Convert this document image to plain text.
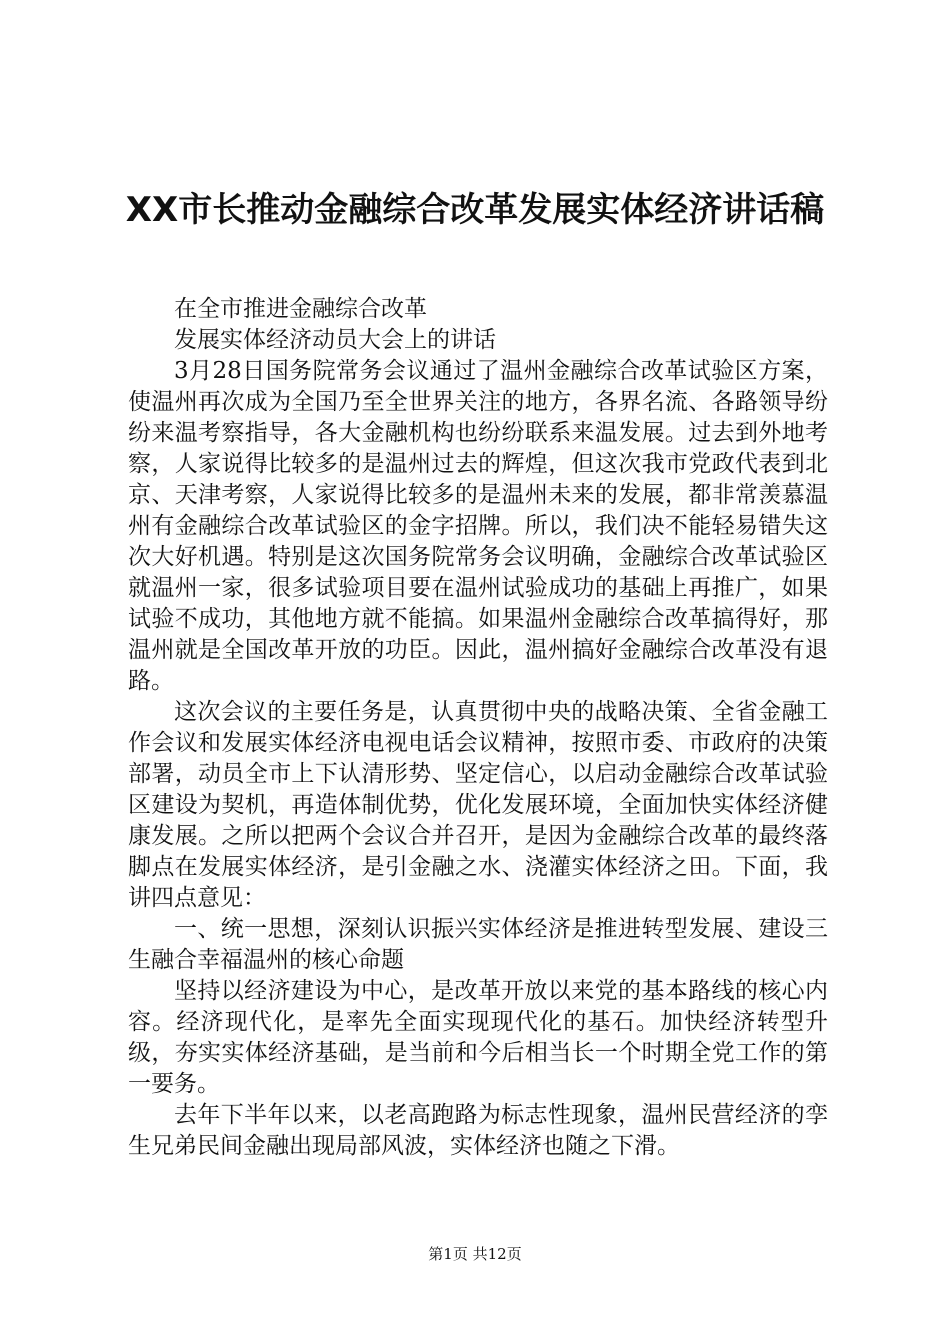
XX市长推动金融综合改革发展实体经济讲话稿

在全市推进金融综合改革

发展实体经济动员大会上的讲话

3月28日国务院常务会议通过了温州金融综合改革试验区方案，使温州再次成为全国乃至全世界关注的地方，各界名流、各路领导纷纷来温考察指导，各大金融机构也纷纷联系来温发展。过去到外地考察，人家说得比较多的是温州过去的辉煌，但这次我市党政代表到北京、天津考察，人家说得比较多的是温州未来的发展，都非常羡慕温州有金融综合改革试验区的金字招牌。所以，我们决不能轻易错失这次大好机遇。特别是这次国务院常务会议明确，金融综合改革试验区就温州一家，很多试验项目要在温州试验成功的基础上再推广，如果试验不成功，其他地方就不能搞。如果温州金融综合改革搞得好，那温州就是全国改革开放的功臣。因此，温州搞好金融综合改革没有退路。

这次会议的主要任务是，认真贯彻中央的战略决策、全省金融工作会议和发展实体经济电视电话会议精神，按照市委、市政府的决策部署，动员全市上下认清形势、坚定信心，以启动金融综合改革试验区建设为契机，再造体制优势，优化发展环境，全面加快实体经济健康发展。之所以把两个会议合并召开，是因为金融综合改革的最终落脚点在发展实体经济，是引金融之水、浇灌实体经济之田。下面，我讲四点意见：

一、统一思想，深刻认识振兴实体经济是推进转型发展、建设三生融合幸福温州的核心命题

坚持以经济建设为中心，是改革开放以来党的基本路线的核心内容。经济现代化，是率先全面实现现代化的基石。加快经济转型升级，夯实实体经济基础，是当前和今后相当长一个时期全党工作的第一要务。

去年下半年以来，以老高跑路为标志性现象，温州民营经济的孪生兄弟民间金融出现局部风波，实体经济也随之下滑。

第1页 共12页
